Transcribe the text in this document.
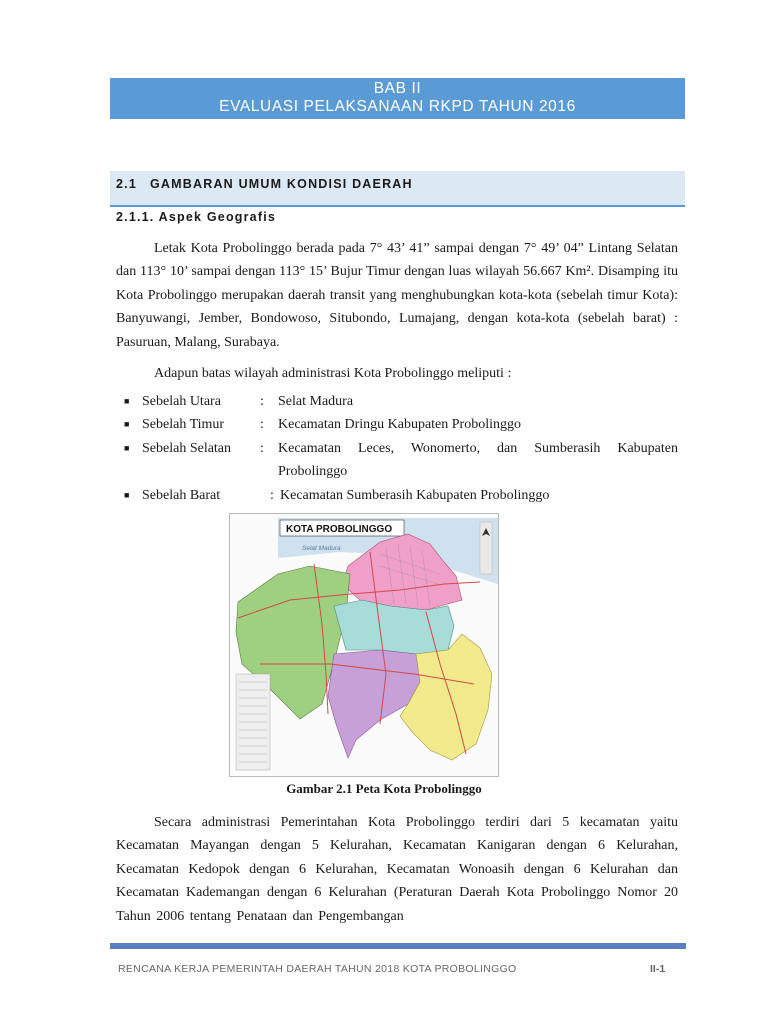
BAB II
EVALUASI PELAKSANAAN RKPD TAHUN 2016
2.1 GAMBARAN UMUM KONDISI DAERAH
2.1.1. Aspek Geografis

Letak Kota Probolinggo berada pada 7° 43’ 41” sampai dengan 7° 49’ 04” Lintang Selatan dan 113° 10’ sampai dengan 113° 15’ Bujur Timur dengan luas wilayah 56.667 Km². Disamping itu Kota Probolinggo merupakan daerah transit yang menghubungkan kota-kota (sebelah timur Kota): Banyuwangi, Jember, Bondowoso, Situbondo, Lumajang, dengan kota-kota (sebelah barat) : Pasuruan, Malang, Surabaya.

Adapun batas wilayah administrasi Kota Probolinggo meliputi :

■ Sebelah Utara	:	Selat Madura
■ Sebelah Timur	:	Kecamatan Dringu Kabupaten Probolinggo
■ Sebelah Selatan	:	Kecamatan Leces, Wonomerto, dan Sumberasih Kabupaten Probolinggo
■ Sebelah Barat	: Kecamatan Sumberasih Kabupaten Probolinggo
KOTA PROBOLINGGO
Selat Madura
Gambar 2.1 Peta Kota Probolinggo

Secara administrasi Pemerintahan Kota Probolinggo terdiri dari 5 kecamatan yaitu Kecamatan Mayangan dengan 5 Kelurahan, Kecamatan Kanigaran dengan 6 Kelurahan, Kecamatan Kedopok dengan 6 Kelurahan, Kecamatan Wonoasih dengan 6 Kelurahan dan Kecamatan Kademangan dengan 6 Kelurahan (Peraturan Daerah Kota Probolinggo Nomor 20 Tahun 2006 tentang Penataan dan Pengembangan

RENCANA KERJA PEMERINTAH DAERAH TAHUN 2018 KOTA PROBOLINGGO	II-1
